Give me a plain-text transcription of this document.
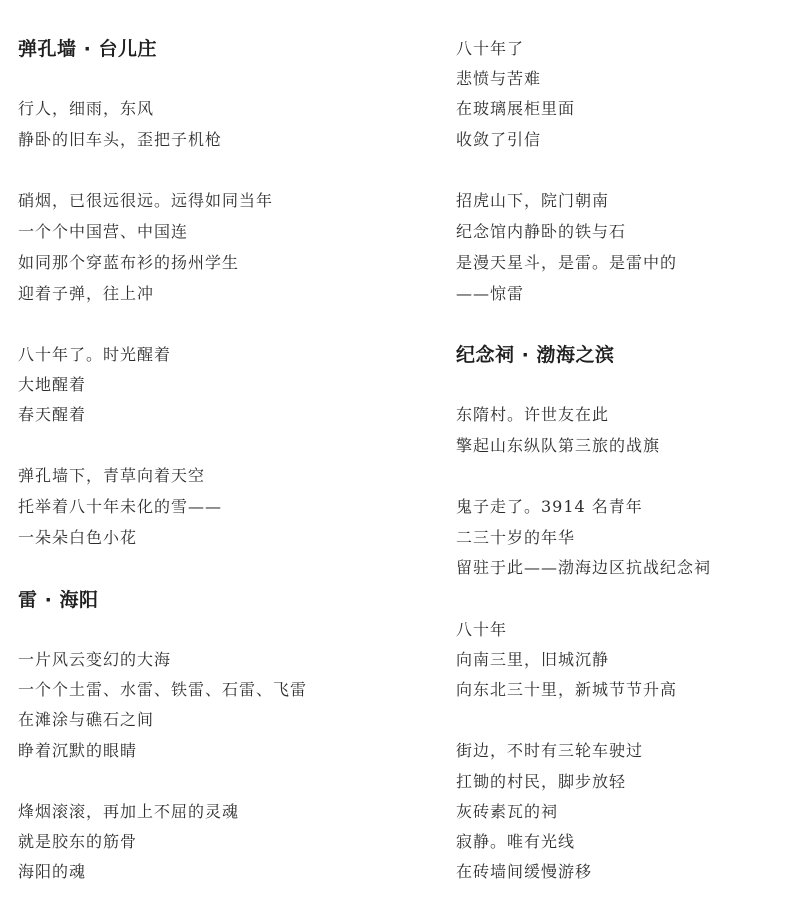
弹孔墙 · 台儿庄
行人，细雨，东风
静卧的旧车头，歪把子机枪
硝烟，已很远很远。远得如同当年
一个个中国营、中国连
如同那个穿蓝布衫的扬州学生
迎着子弹，往上冲
八十年了。时光醒着
大地醒着
春天醒着
弹孔墙下，青草向着天空
托举着八十年未化的雪——
一朵朵白色小花
雷 · 海阳
一片风云变幻的大海
一个个土雷、水雷、铁雷、石雷、飞雷
在滩涂与礁石之间
睁着沉默的眼睛
烽烟滚滚，再加上不屈的灵魂
就是胶东的筋骨
海阳的魂
八十年了
悲愤与苦难
在玻璃展柜里面
收敛了引信
招虎山下，院门朝南
纪念馆内静卧的铁与石
是漫天星斗，是雷。是雷中的
——惊雷
纪念祠 · 渤海之滨
东隋村。许世友在此
擎起山东纵队第三旅的战旗
鬼子走了。3914 名青年
二三十岁的年华
留驻于此——渤海边区抗战纪念祠
八十年
向南三里，旧城沉静
向东北三十里，新城节节升高
街边，不时有三轮车驶过
扛锄的村民，脚步放轻
灰砖素瓦的祠
寂静。唯有光线
在砖墙间缓慢游移
